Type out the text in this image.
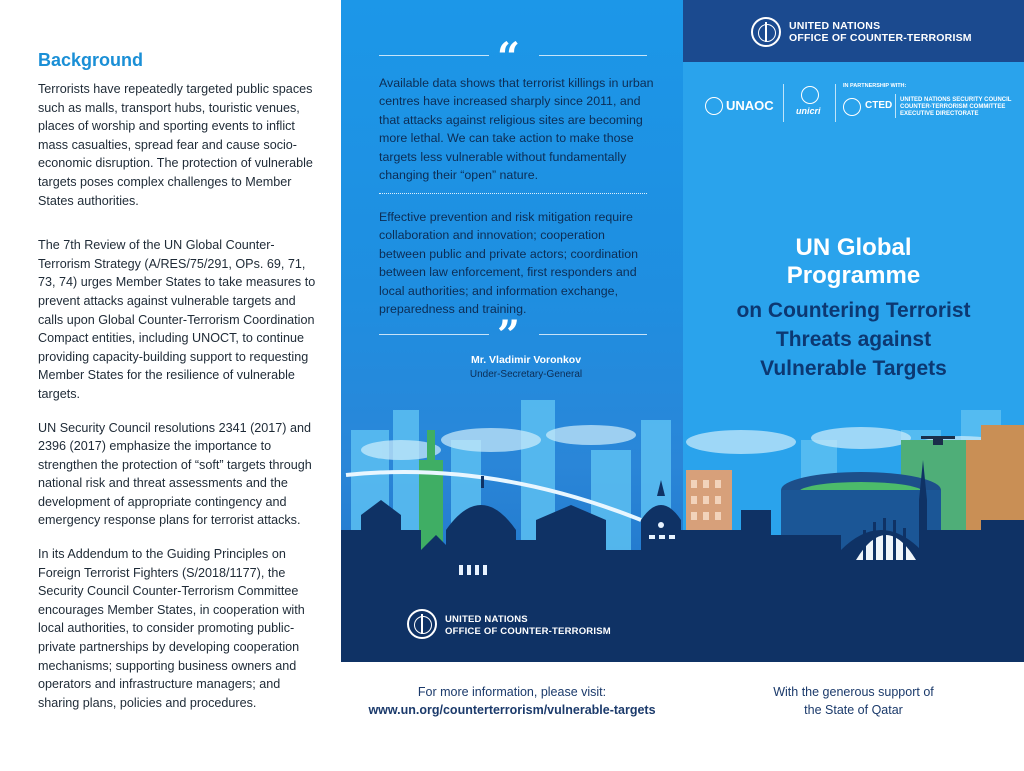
Background

Terrorists have repeatedly targeted public spaces such as malls, transport hubs, touristic venues, places of worship and sporting events to inflict mass casualties, spread fear and cause socio-economic disruption. The protection of vulnerable targets poses complex challenges to Member States authorities.

The 7th Review of the UN Global Counter-Terrorism Strategy (A/RES/75/291, OPs. 69, 71, 73, 74) urges Member States to take measures to prevent attacks against vulnerable targets and calls upon Global Counter-Terrorism Coordination Compact entities, including UNOCT, to continue providing capacity-building support to requesting Member States for the resilience of vulnerable targets.

UN Security Council resolutions 2341 (2017) and 2396 (2017) emphasize the importance to strengthen the protection of “soft” targets through national risk and threat assessments and the development of appropriate contingency and emergency response plans for terrorist attacks.

In its Addendum to the Guiding Principles on Foreign Terrorist Fighters (S/2018/1177), the Security Council Counter-Terrorism Committee encourages Member States, in cooperation with local authorities, to consider promoting public-private partnerships by developing cooperation mechanisms; supporting business owners and operators and infrastructure managers; and sharing plans, policies and procedures.

“
Available data shows that terrorist killings in urban centres have increased sharply since 2011, and that attacks against religious sites are becoming more lethal. We can take action to make those targets less vulnerable without fundamentally changing their “open” nature.
Effective prevention and risk mitigation require collaboration and innovation; cooperation between public and private actors; coordination between law enforcement, first responders and local authorities; and information exchange, preparedness and training.
”
Mr. Vladimir Voronkov
Under-Secretary-General
UNITED NATIONS
OFFICE OF COUNTER-TERRORISM
IN PARTNERSHIP WITH:
UNAOC unicri	CTED UNITED NATIONS SECURITY COUNCIL
COUNTER-TERRORISM COMMITTEE
EXECUTIVE DIRECTORATE
UN Global
Programme
on Countering Terrorist
Threats against
Vulnerable Targets
UNITED NATIONS
OFFICE OF COUNTER-TERRORISM
For more information, please visit:
www.un.org/counterterrorism/vulnerable-targets
With the generous support of
the State of Qatar
